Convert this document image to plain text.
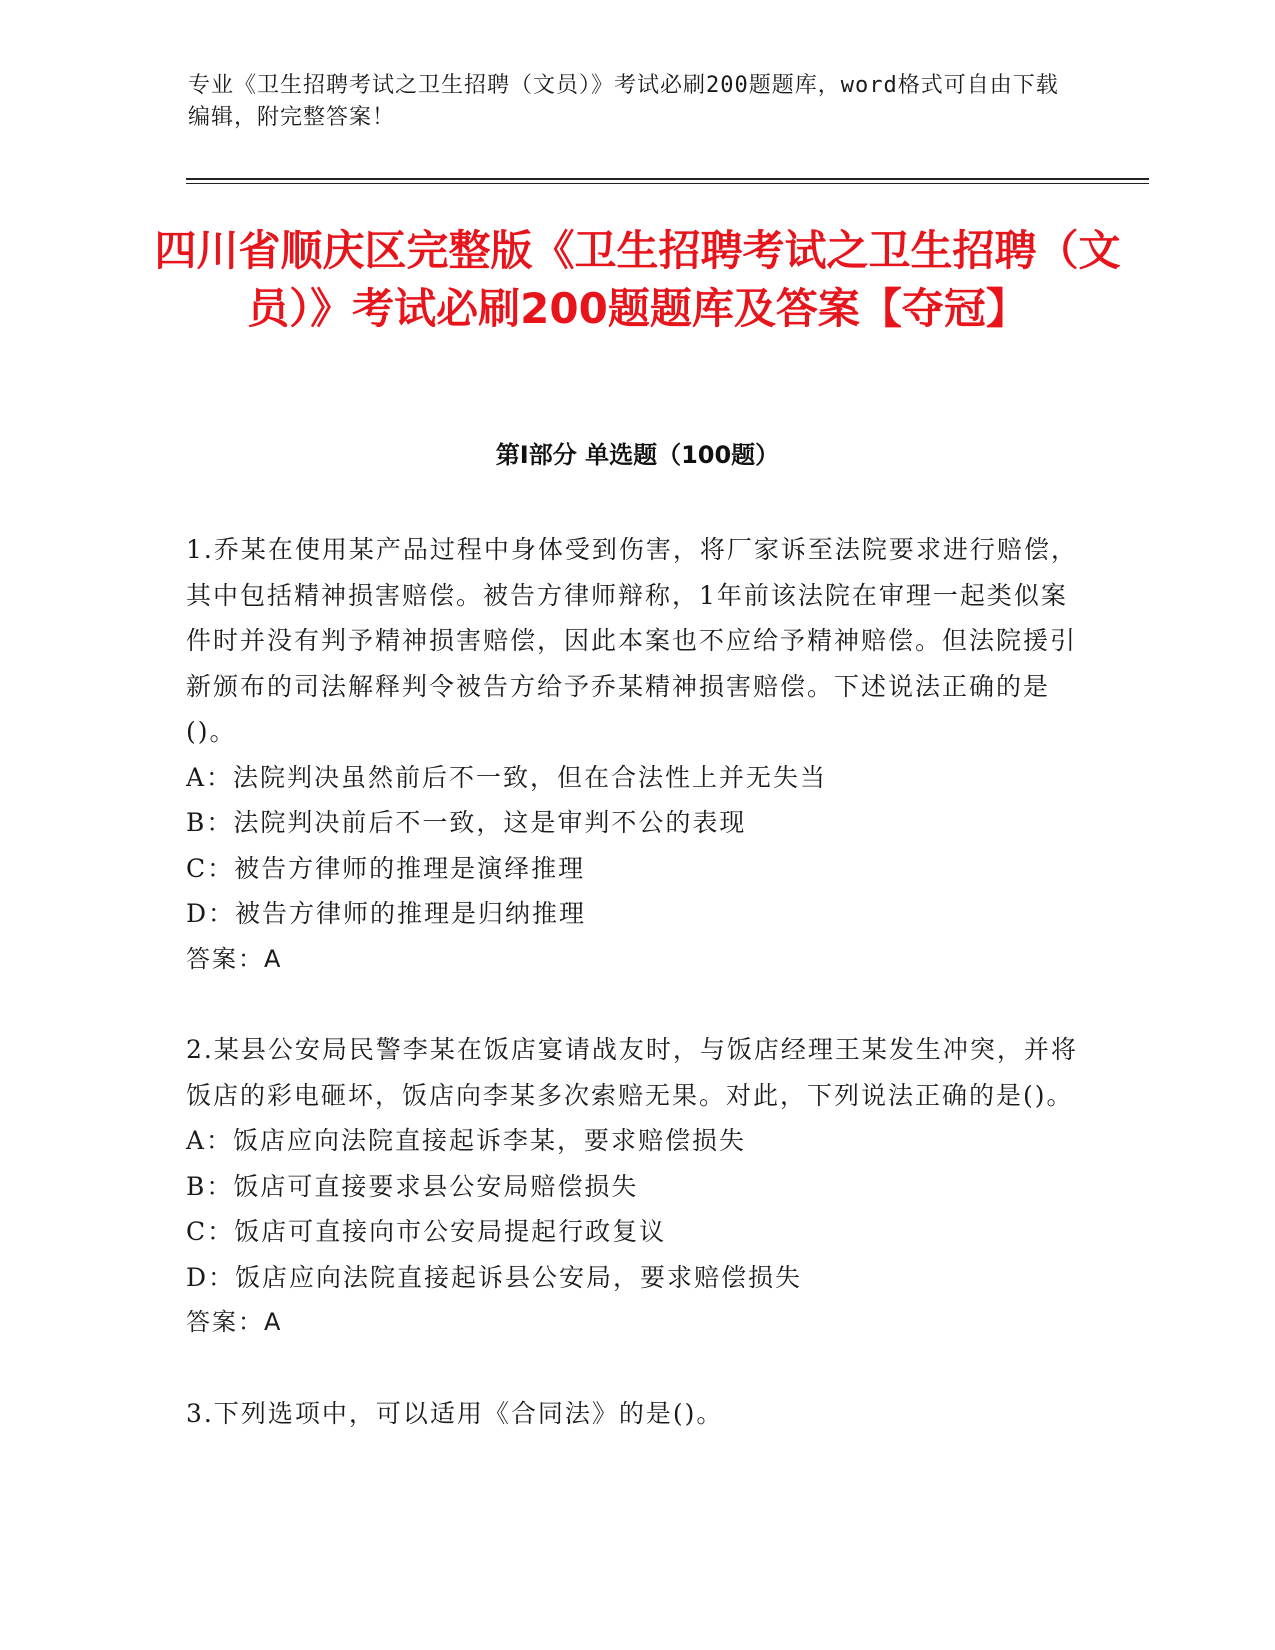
专业《卫生招聘考试之卫生招聘（文员）》考试必刷200题题库，word格式可自由下载编辑，附完整答案！
四川省顺庆区完整版《卫生招聘考试之卫生招聘（文员）》考试必刷200题题库及答案【夺冠】
第Ⅰ部分 单选题（100题）

1.乔某在使用某产品过程中身体受到伤害，将厂家诉至法院要求进行赔偿，其中包括精神损害赔偿。被告方律师辩称，1年前该法院在审理一起类似案件时并没有判予精神损害赔偿，因此本案也不应给予精神赔偿。但法院援引新颁布的司法解释判令被告方给予乔某精神损害赔偿。下述说法正确的是()。

A：法院判决虽然前后不一致，但在合法性上并无失当

B：法院判决前后不一致，这是审判不公的表现

C：被告方律师的推理是演绎推理

D：被告方律师的推理是归纳推理

答案：A

2.某县公安局民警李某在饭店宴请战友时，与饭店经理王某发生冲突，并将饭店的彩电砸坏，饭店向李某多次索赔无果。对此，下列说法正确的是()。

A：饭店应向法院直接起诉李某，要求赔偿损失

B：饭店可直接要求县公安局赔偿损失

C：饭店可直接向市公安局提起行政复议

D：饭店应向法院直接起诉县公安局，要求赔偿损失

答案：A

3.下列选项中，可以适用《合同法》的是()。
